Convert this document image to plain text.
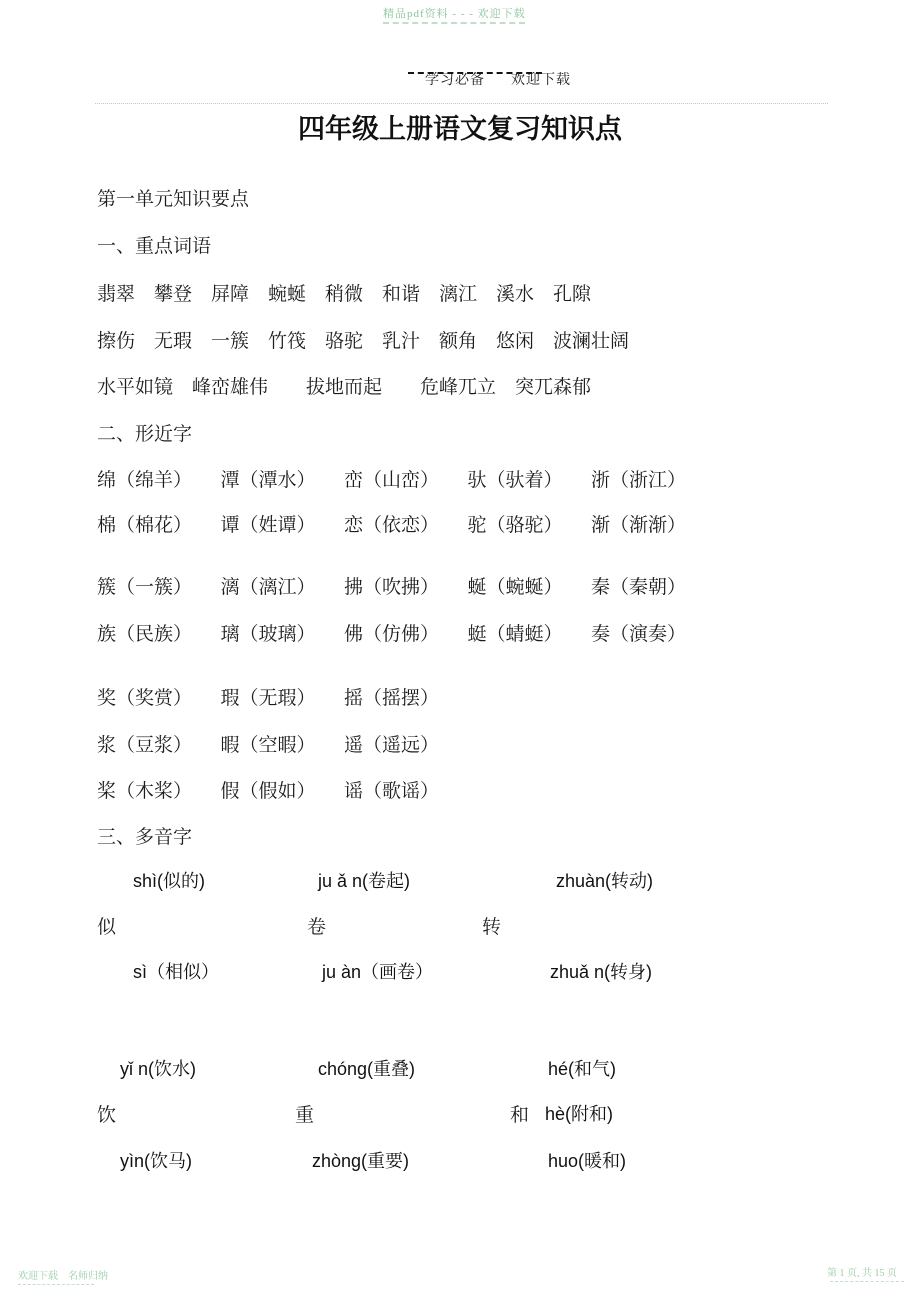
精品pdf资料 - - - 欢迎下载

学习必备 欢迎下载

四年级上册语文复习知识点
第一单元知识要点
一、重点词语
翡翠　攀登　屏障　蜿蜒　稍微　和谐　漓江　溪水　孔隙
擦伤　无瑕　一簇　竹筏　骆驼　乳汁　额角　悠闲　波澜壮阔
水平如镜　峰峦雄伟　　拔地而起　　危峰兀立　突兀森郁
二、形近字
绵（绵羊）　　潭（潭水）　　峦（山峦）　　驮（驮着）　　浙（浙江）
棉（棉花）　　谭（姓谭）　　恋（依恋）　　驼（骆驼）　　渐（渐渐）
簇（一簇）　　漓（漓江）　　拂（吹拂）　　蜒（蜿蜒）　　秦（秦朝）
族（民族）　　璃（玻璃）　　佛（仿佛）　　蜓（蜻蜓）　　奏（演奏）
奖（奖赏）　　瑕（无瑕）　　摇（摇摆）
浆（豆浆）　　暇（空暇）　　遥（遥远）
桨（木桨）　　假（假如）　　谣（歌谣）
三、多音字
shì(似的)	ju ǎ n(卷起)	zhuàn(转动)
似	卷	转
sì（相似）	ju àn（画卷）	zhuǎ n(转身)
yǐ n(饮水)	chóng(重叠)	hé(和气)
饮	重	和 hè(附和)
yìn(饮马)	zhòng(重要)	huo(暖和)
欢迎下载　名师归纳	第 1 页, 共 15 页
